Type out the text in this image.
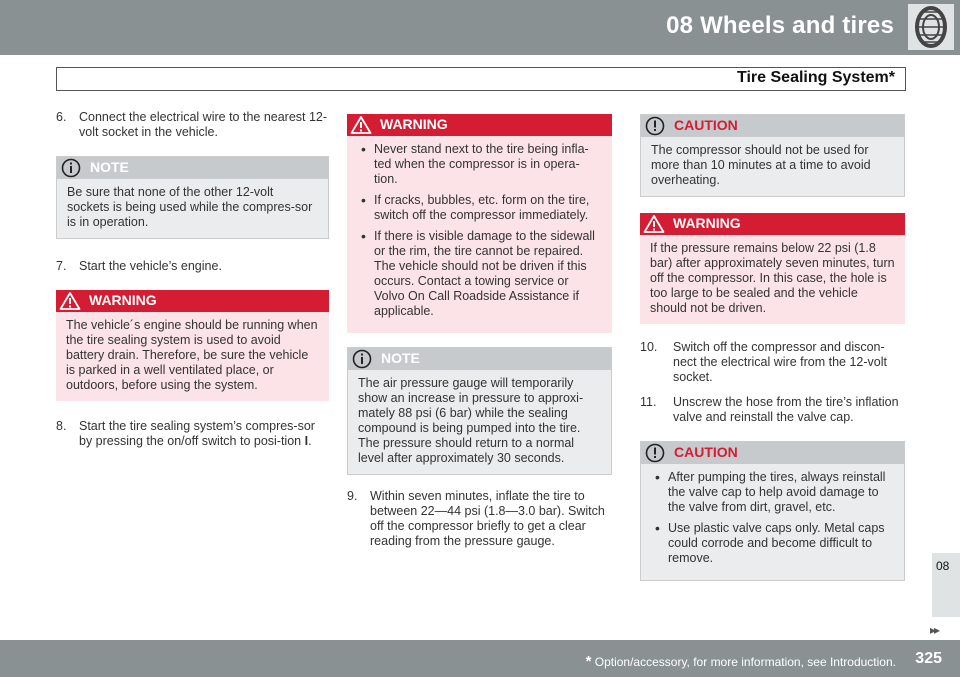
08 Wheels and tires
Tire Sealing System*
6. Connect the electrical wire to the nearest 12-volt socket in the vehicle.
NOTE
Be sure that none of the other 12-volt sockets is being used while the compres-sor is in operation.
7. Start the vehicle’s engine.
WARNING
The vehicle´s engine should be running when the tire sealing system is used to avoid battery drain. Therefore, be sure the vehicle is parked in a well ventilated place, or outdoors, before using the system.
8. Start the tire sealing system’s compres-sor by pressing the on/off switch to posi-tion I.
WARNING
• Never stand next to the tire being infla-ted when the compressor is in opera-tion.
• If cracks, bubbles, etc. form on the tire, switch off the compressor immediately.
• If there is visible damage to the sidewall or the rim, the tire cannot be repaired. The vehicle should not be driven if this occurs. Contact a towing service or Volvo On Call Roadside Assistance if applicable.
NOTE
The air pressure gauge will temporarily show an increase in pressure to approxi-mately 88 psi (6 bar) while the sealing compound is being pumped into the tire. The pressure should return to a normal level after approximately 30 seconds.
9. Within seven minutes, inflate the tire to between 22—44 psi (1.8—3.0 bar). Switch off the compressor briefly to get a clear reading from the pressure gauge.
CAUTION
The compressor should not be used for more than 10 minutes at a time to avoid overheating.
WARNING
If the pressure remains below 22 psi (1.8 bar) after approximately seven minutes, turn off the compressor. In this case, the hole is too large to be sealed and the vehicle should not be driven.
10. Switch off the compressor and discon-nect the electrical wire from the 12-volt socket.
11. Unscrew the hose from the tire’s inflation valve and reinstall the valve cap.
CAUTION
• After pumping the tires, always reinstall the valve cap to help avoid damage to the valve from dirt, gravel, etc.
• Use plastic valve caps only. Metal caps could corrode and become difficult to remove.
08
▸▸
* Option/accessory, for more information, see Introduction. 325
